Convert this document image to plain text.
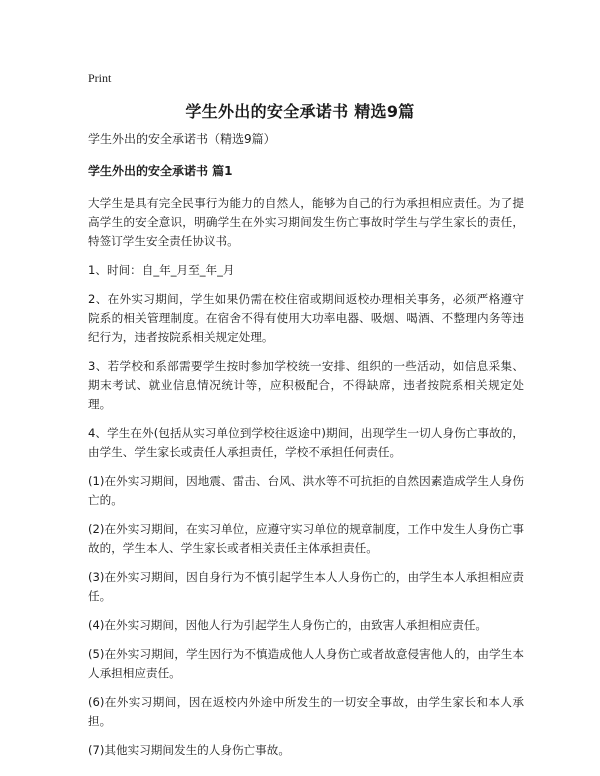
Print
学生外出的安全承诺书 精选9篇

学生外出的安全承诺书（精选9篇）

学生外出的安全承诺书 篇1

大学生是具有完全民事行为能力的自然人，能够为自己的行为承担相应责任。为了提高学生的安全意识，明确学生在外实习期间发生伤亡事故时学生与学生家长的责任，特签订学生安全责任协议书。

1、时间：自_年_月至_年_月

2、在外实习期间，学生如果仍需在校住宿或期间返校办理相关事务，必须严格遵守院系的相关管理制度。在宿舍不得有使用大功率电器、吸烟、喝酒、不整理内务等违纪行为，违者按院系相关规定处理。

3、若学校和系部需要学生按时参加学校统一安排、组织的一些活动，如信息采集、期末考试、就业信息情况统计等，应积极配合，不得缺席，违者按院系相关规定处理。

4、学生在外(包括从实习单位到学校往返途中)期间，出现学生一切人身伤亡事故的，由学生、学生家长或责任人承担责任，学校不承担任何责任。

(1)在外实习期间，因地震、雷击、台风、洪水等不可抗拒的自然因素造成学生人身伤亡的。

(2)在外实习期间，在实习单位，应遵守实习单位的规章制度，工作中发生人身伤亡事故的，学生本人、学生家长或者相关责任主体承担责任。

(3)在外实习期间，因自身行为不慎引起学生本人人身伤亡的，由学生本人承担相应责任。

(4)在外实习期间，因他人行为引起学生人身伤亡的，由致害人承担相应责任。

(5)在外实习期间，学生因行为不慎造成他人人身伤亡或者故意侵害他人的，由学生本人承担相应责任。

(6)在外实习期间，因在返校内外途中所发生的一切安全事故，由学生家长和本人承担。

(7)其他实习期间发生的人身伤亡事故。
